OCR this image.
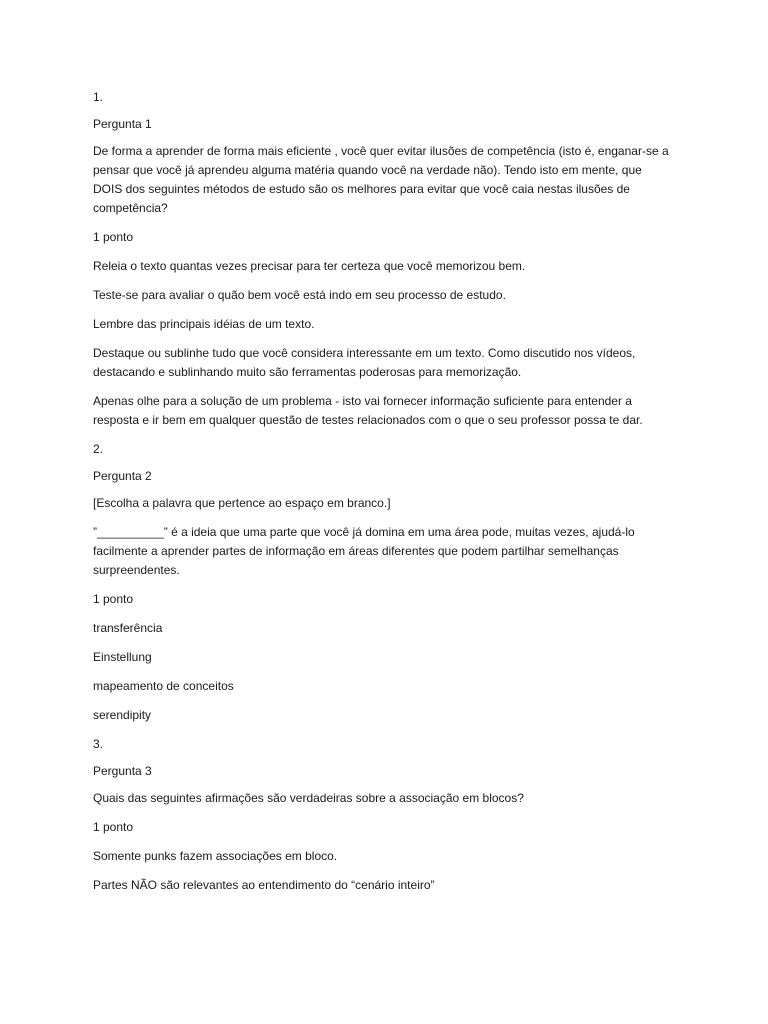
1.

Pergunta 1

De forma a aprender de forma mais eficiente , você quer evitar ilusões de competência (isto é, enganar-se a pensar que você já aprendeu alguma matéria quando você na verdade não). Tendo isto em mente, que DOIS dos seguintes métodos de estudo são os melhores para evitar que você caia nestas ilusões de competência?

1 ponto

Releia o texto quantas vezes precisar para ter certeza que você memorizou bem.

Teste-se para avaliar o quão bem você está indo em seu processo de estudo.

Lembre das principais idéias de um texto.

Destaque ou sublinhe tudo que você considera interessante em um texto. Como discutido nos vídeos, destacando e sublinhando muito são ferramentas poderosas para memorização.

Apenas olhe para a solução de um problema - isto vai fornecer informação suficiente para entender a resposta e ir bem em qualquer questão de testes relacionados com o que o seu professor possa te dar.

2.

Pergunta 2

[Escolha a palavra que pertence ao espaço em branco.]

”__________” é a ideia que uma parte que você já domina em uma área pode, muitas vezes, ajudá-lo facilmente a aprender partes de informação em áreas diferentes que podem partilhar semelhanças surpreendentes.

1 ponto

transferência

Einstellung

mapeamento de conceitos

serendipity

3.

Pergunta 3

Quais das seguintes afirmações são verdadeiras sobre a associação em blocos?

1 ponto

Somente punks fazem associações em bloco.

Partes NÃO são relevantes ao entendimento do “cenário inteiro”
